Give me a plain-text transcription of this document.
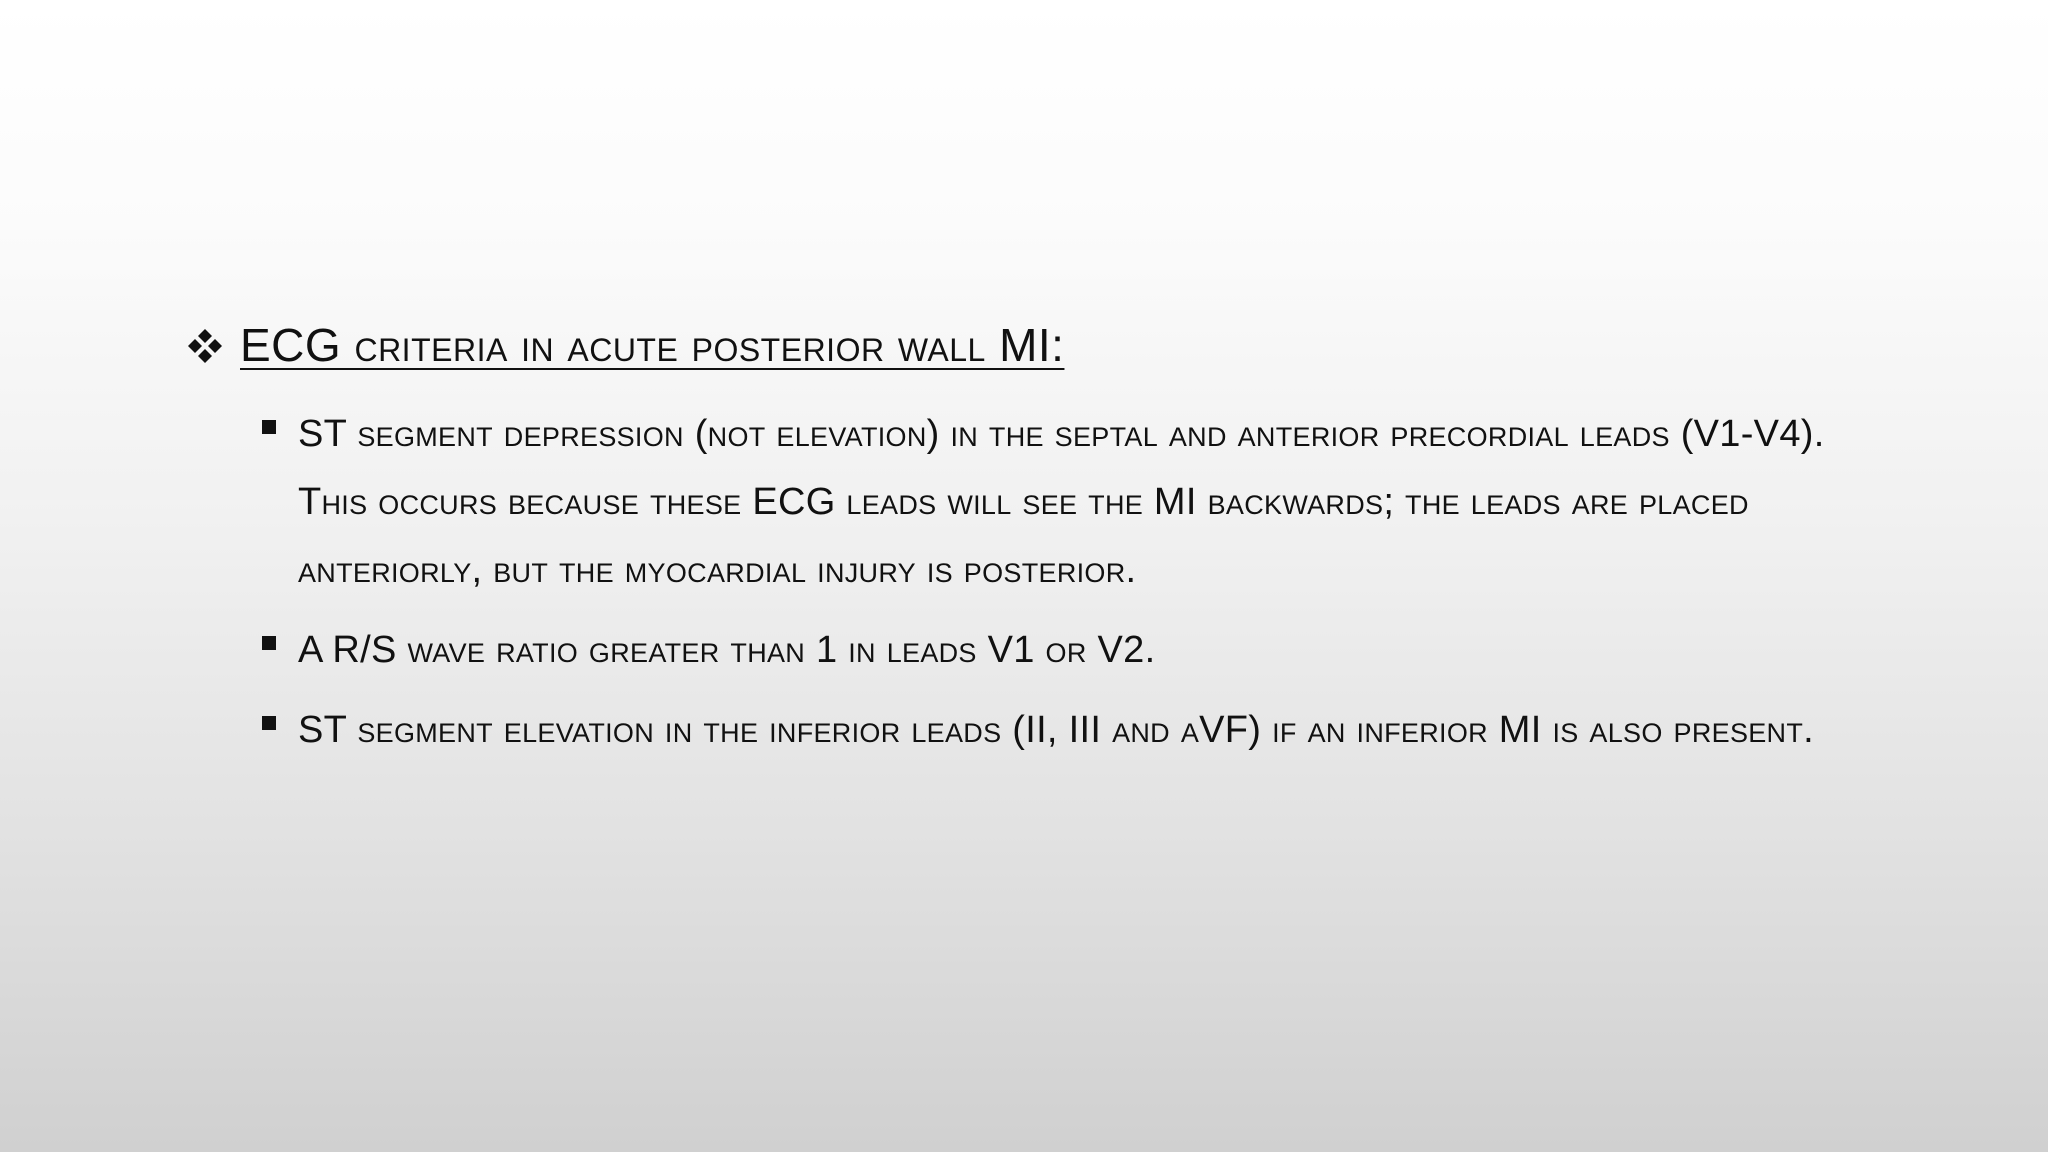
ECG criteria in acute posterior wall MI:
ST segment depression (not elevation) in the septal and anterior precordial leads (V1-V4). This occurs because these ECG leads will see the MI backwards; the leads are placed anteriorly, but the myocardial injury is posterior.
A R/S wave ratio greater than 1 in leads V1 or V2.
ST segment elevation in the inferior leads (II, III and aVF) if an inferior MI is also present.
